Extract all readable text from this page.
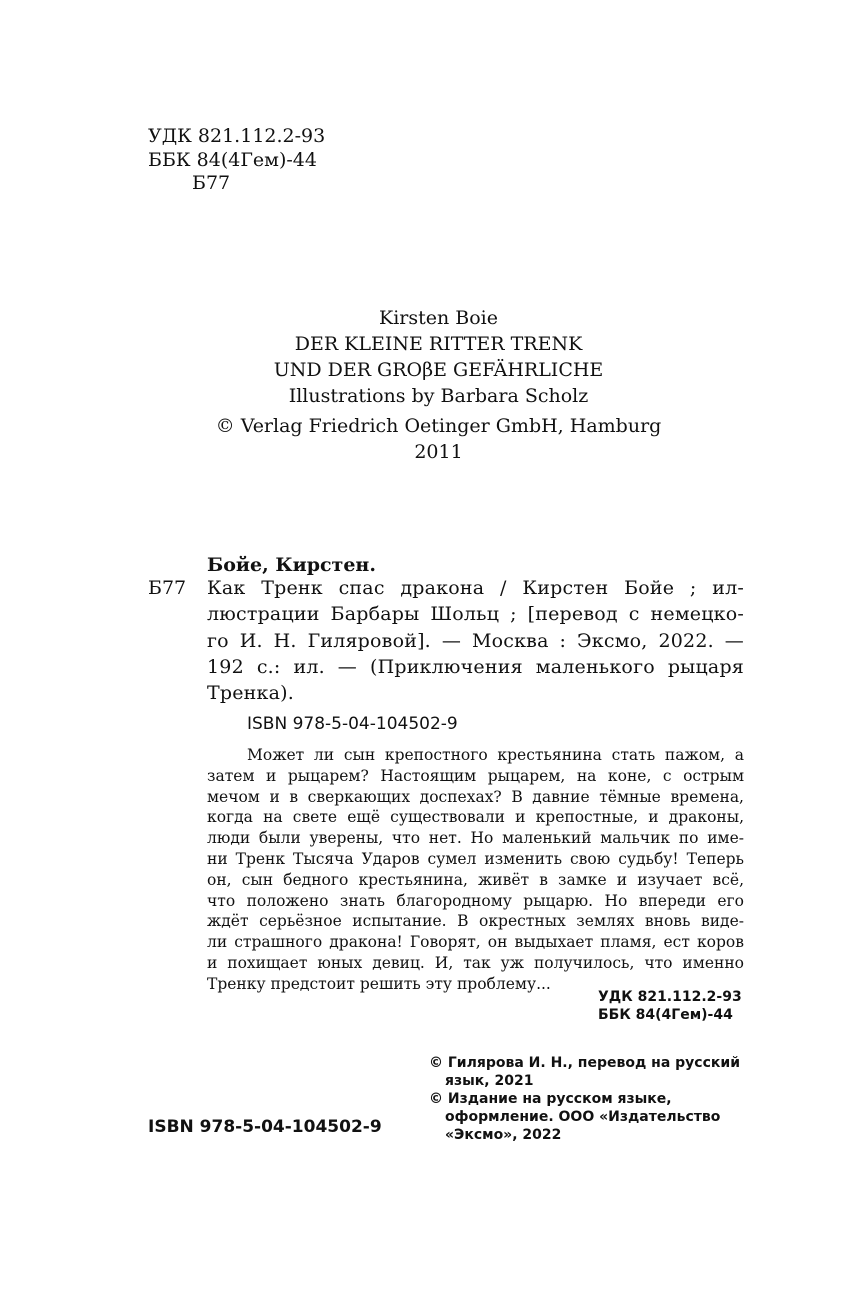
УДК 821.112.2-93
ББК 84(4Гем)-44
Б77
Kirsten Boie
DER KLEINE RITTER TRENK
UND DER GROβE GEFÄHRLICHE
Illustrations by Barbara Scholz
© Verlag Friedrich Oetinger GmbH, Hamburg 2011
Бойе, Кирстен.
Б77 Как Тренк спас дракона / Кирстен Бойе ; ил-
люстрации Барбары Шольц ; [перевод с немецко-
го И. Н. Гиляровой]. — Москва : Эксмо, 2022. —
192 с.: ил. — (Приключения маленького рыцаря
Тренка).
ISBN 978-5-04-104502-9
Может ли сын крепостного крестьянина стать пажом, а
затем и рыцарем? Настоящим рыцарем, на коне, с острым
мечом и в сверкающих доспехах? В давние тёмные времена,
когда на свете ещё существовали и крепостные, и драконы,
люди были уверены, что нет. Но маленький мальчик по име-
ни Тренк Тысяча Ударов сумел изменить свою судьбу! Теперь
он, сын бедного крестьянина, живёт в замке и изучает всё,
что положено знать благородному рыцарю. Но впереди его
ждёт серьёзное испытание. В окрестных землях вновь виде-
ли страшного дракона! Говорят, он выдыхает пламя, ест коров
и похищает юных девиц. И, так уж получилось, что именно
Тренку предстоит решить эту проблему...
УДК 821.112.2-93
ББК 84(4Гем)-44
© Гилярова И. Н., перевод на русский язык, 2021
© Издание на русском языке, оформление. ООО «Издательство «Эксмо», 2022
ISBN 978-5-04-104502-9
